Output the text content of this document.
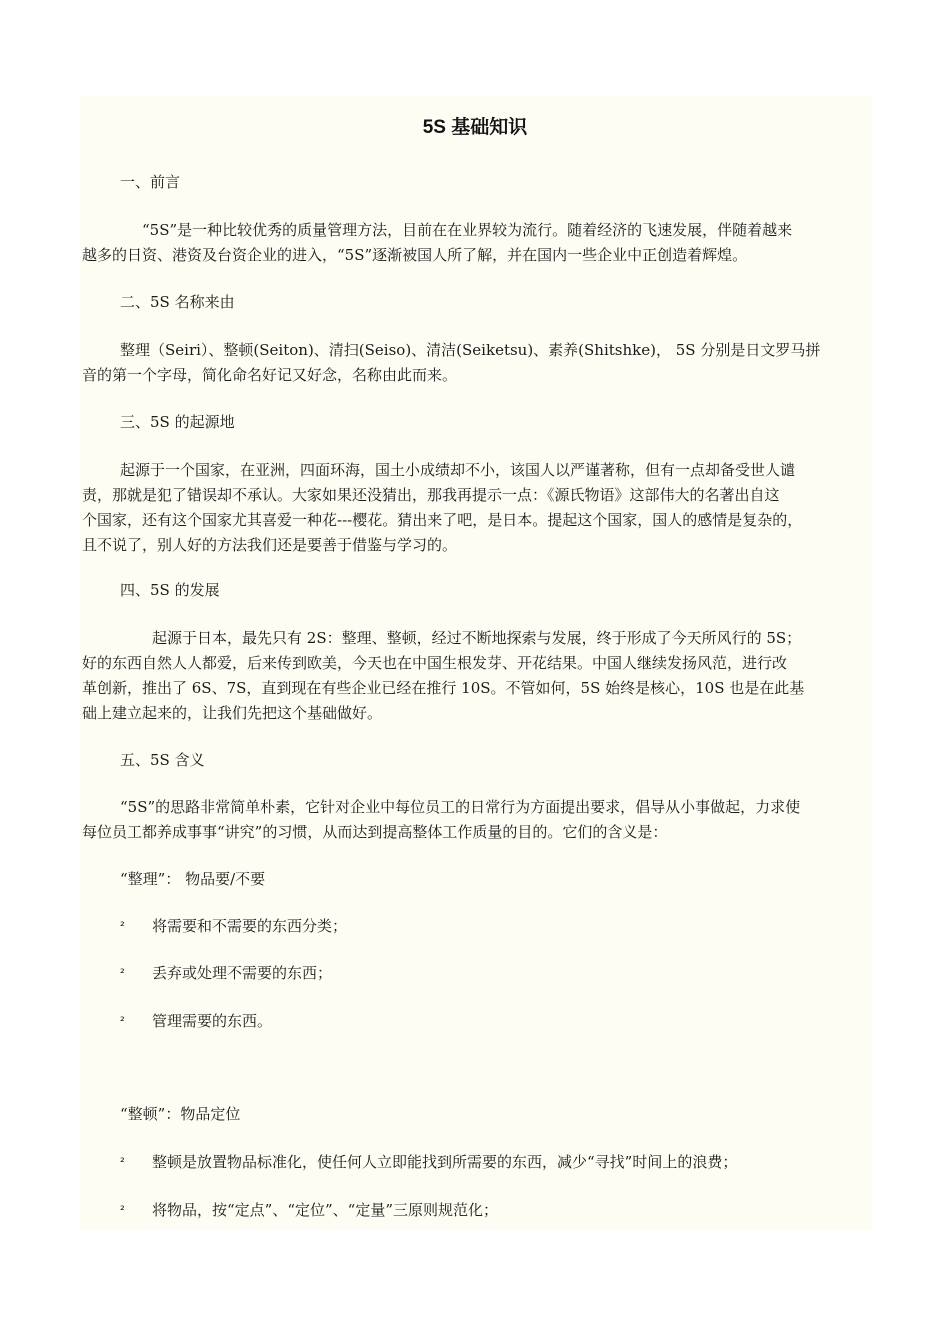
5S 基础知识
一、前言
“5S”是一种比较优秀的质量管理方法，目前在在业界较为流行。随着经济的飞速发展，伴随着越来
越多的日资、港资及台资企业的进入，“5S”逐渐被国人所了解，并在国内一些企业中正创造着辉煌。
二、5S 名称来由
整理（Seiri）、整顿(Seiton)、清扫(Seiso)、清洁(Seiketsu)、素养(Shitshke)， 5S 分别是日文罗马拼
音的第一个字母，简化命名好记又好念，名称由此而来。
三、5S 的起源地
起源于一个国家，在亚洲，四面环海，国土小成绩却不小，该国人以严谨著称，但有一点却备受世人谴
责，那就是犯了错误却不承认。大家如果还没猜出，那我再提示一点：《源氏物语》这部伟大的名著出自这
个国家，还有这个国家尤其喜爱一种花---樱花。猜出来了吧，是日本。提起这个国家，国人的感情是复杂的，
且不说了，别人好的方法我们还是要善于借鉴与学习的。
四、5S 的发展
起源于日本，最先只有 2S：整理、整顿，经过不断地探索与发展，终于形成了今天所风行的 5S；
好的东西自然人人都爱，后来传到欧美，今天也在中国生根发芽、开花结果。中国人继续发扬风范，进行改
革创新，推出了 6S、7S，直到现在有些企业已经在推行 10S。不管如何，5S 始终是核心，10S 也是在此基
础上建立起来的，让我们先把这个基础做好。
五、5S 含义
“5S”的思路非常简单朴素，它针对企业中每位员工的日常行为方面提出要求，倡导从小事做起，力求使
每位员工都养成事事“讲究”的习惯，从而达到提高整体工作质量的目的。它们的含义是：
“整理”： 物品要/不要
² 将需要和不需要的东西分类；
² 丢弃或处理不需要的东西；
² 管理需要的东西。
“整顿”：物品定位
² 整顿是放置物品标准化，使任何人立即能找到所需要的东西，减少“寻找”时间上的浪费；
² 将物品，按“定点”、“定位”、“定量”三原则规范化；
